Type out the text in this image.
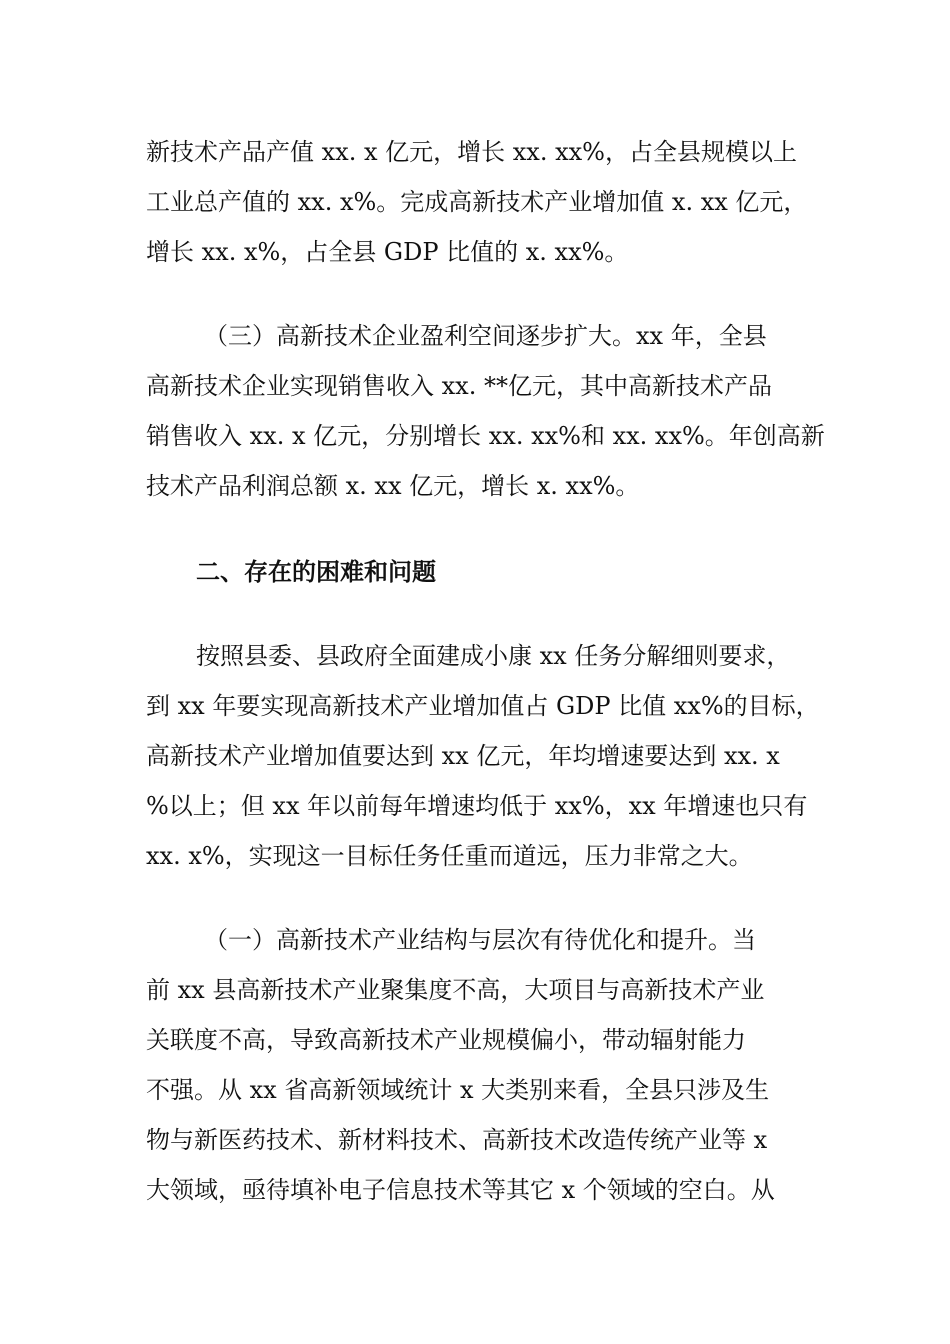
新技术产品产值 xx. x 亿元，增长 xx. xx%，占全县规模以上
工业总产值的 xx. x%。完成高新技术产业增加值 x. xx 亿元，
增长 xx. x%，占全县 GDP 比值的 x. xx%。
（三）高新技术企业盈利空间逐步扩大。xx 年，全县
高新技术企业实现销售收入 xx. **亿元，其中高新技术产品
销售收入 xx. x 亿元，分别增长 xx. xx%和 xx. xx%。年创高新
技术产品利润总额 x. xx 亿元，增长 x. xx%。
二、存在的困难和问题
按照县委、县政府全面建成小康 xx 任务分解细则要求，
到 xx 年要实现高新技术产业增加值占 GDP 比值 xx%的目标，
高新技术产业增加值要达到 xx 亿元，年均增速要达到 xx. x
%以上；但 xx 年以前每年增速均低于 xx%，xx 年增速也只有
xx. x%，实现这一目标任务任重而道远，压力非常之大。
（一）高新技术产业结构与层次有待优化和提升。当
前 xx 县高新技术产业聚集度不高，大项目与高新技术产业
关联度不高，导致高新技术产业规模偏小，带动辐射能力
不强。从 xx 省高新领域统计 x 大类别来看，全县只涉及生
物与新医药技术、新材料技术、高新技术改造传统产业等 x
大领域，亟待填补电子信息技术等其它 x 个领域的空白。从
